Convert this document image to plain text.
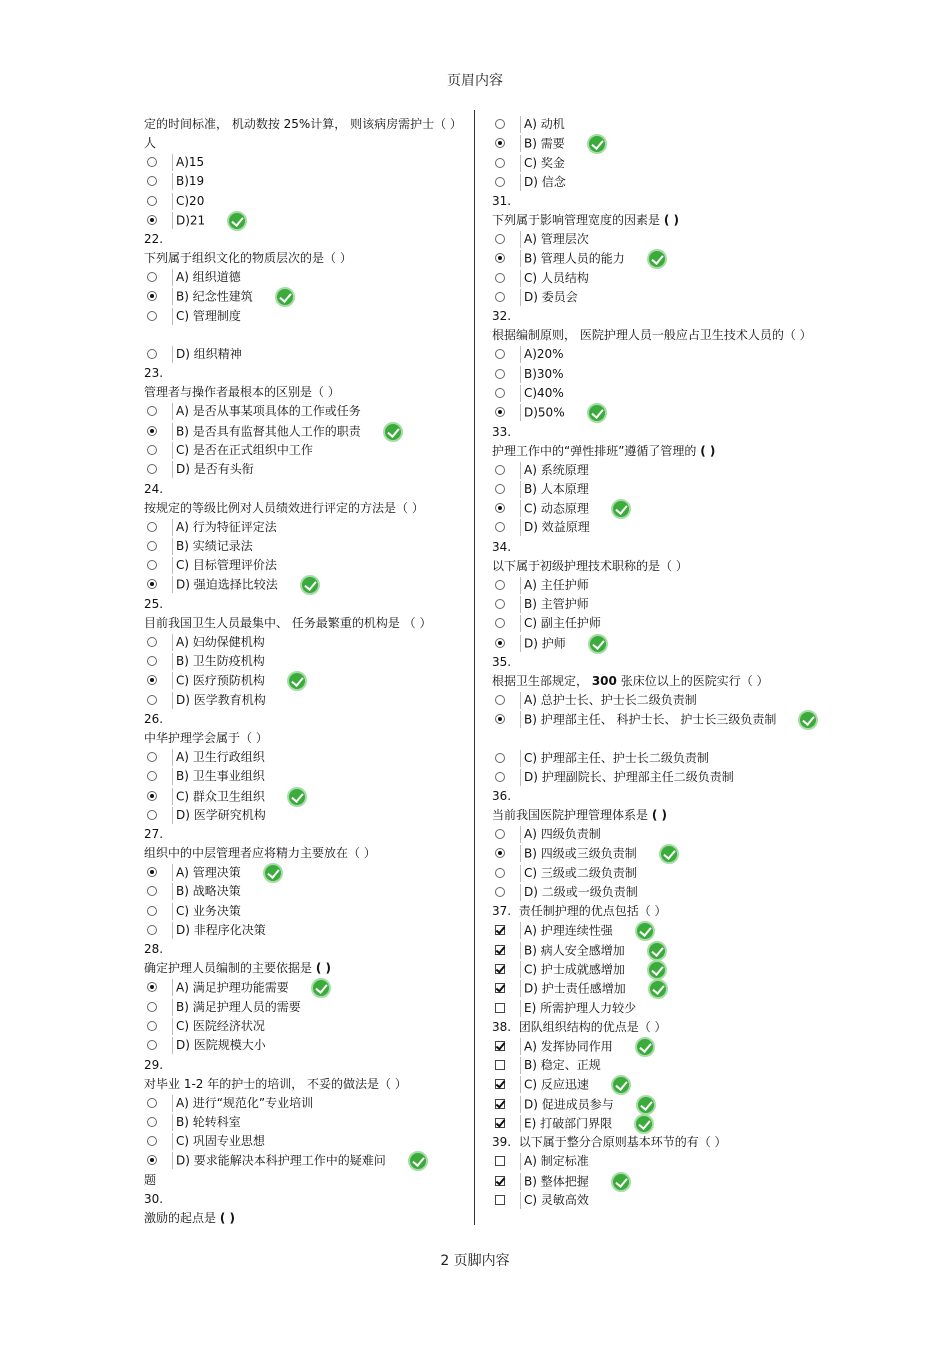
页眉内容
定的时间标准， 机动数按 25%计算， 则该病房需护士（ ）人
A)15
B)19
C)20
D)21
22.
下列属于组织文化的物质层次的是（ ）
A) 组织道德
B) 纪念性建筑
C) 管理制度
D) 组织精神
23.
管理者与操作者最根本的区别是（ ）
A) 是否从事某项具体的工作或任务
B) 是否具有监督其他人工作的职责
C) 是否在正式组织中工作
D) 是否有头衔
24.
按规定的等级比例对人员绩效进行评定的方法是（ ）
A) 行为特征评定法
B) 实绩记录法
C) 目标管理评价法
D) 强迫选择比较法
25.
目前我国卫生人员最集中、 任务最繁重的机构是 （ ）
A) 妇幼保健机构
B) 卫生防疫机构
C) 医疗预防机构
D) 医学教育机构
26.
中华护理学会属于（ ）
A) 卫生行政组织
B) 卫生事业组织
C) 群众卫生组织
D) 医学研究机构
27.
组织中的中层管理者应将精力主要放在（ ）
A) 管理决策
B) 战略决策
C) 业务决策
D) 非程序化决策
28.
确定护理人员编制的主要依据是 ( )
A) 满足护理功能需要
B) 满足护理人员的需要
C) 医院经济状况
D) 医院规模大小
29.
对毕业 1-2 年的护士的培训， 不妥的做法是（ ）
A) 进行“规范化”专业培训
B) 轮转科室
C) 巩固专业思想
D) 要求能解决本科护理工作中的疑难问
题
30.
激励的起点是 ( )
A) 动机
B) 需要
C) 奖金
D) 信念
31.
下列属于影响管理宽度的因素是 ( )
A) 管理层次
B) 管理人员的能力
C) 人员结构
D) 委员会
32.
根据编制原则， 医院护理人员一般应占卫生技术人员的（ ）
A)20%
B)30%
C)40%
D)50%
33.
护理工作中的“弹性排班”遵循了管理的 ( )
A) 系统原理
B) 人本原理
C) 动态原理
D) 效益原理
34.
以下属于初级护理技术职称的是（ ）
A) 主任护师
B) 主管护师
C) 副主任护师
D) 护师
35.
根据卫生部规定， 300 张床位以上的医院实行（ ）
A) 总护士长、护士长二级负责制
B) 护理部主任、 科护士长、 护士长三级负责制
C) 护理部主任、护士长二级负责制
D) 护理副院长、护理部主任二级负责制
36.
当前我国医院护理管理体系是 ( )
A) 四级负责制
B) 四级或三级负责制
C) 三级或二级负责制
D) 二级或一级负责制
37.  责任制护理的优点包括（ ）
A) 护理连续性强
B) 病人安全感增加
C) 护士成就感增加
D) 护士责任感增加
E) 所需护理人力较少
38.  团队组织结构的优点是（ ）
A) 发挥协同作用
B) 稳定、正规
C) 反应迅速
D) 促进成员参与
E) 打破部门界限
39.  以下属于整分合原则基本环节的有（ ）
A) 制定标准
B) 整体把握
C) 灵敏高效
2 页脚内容
